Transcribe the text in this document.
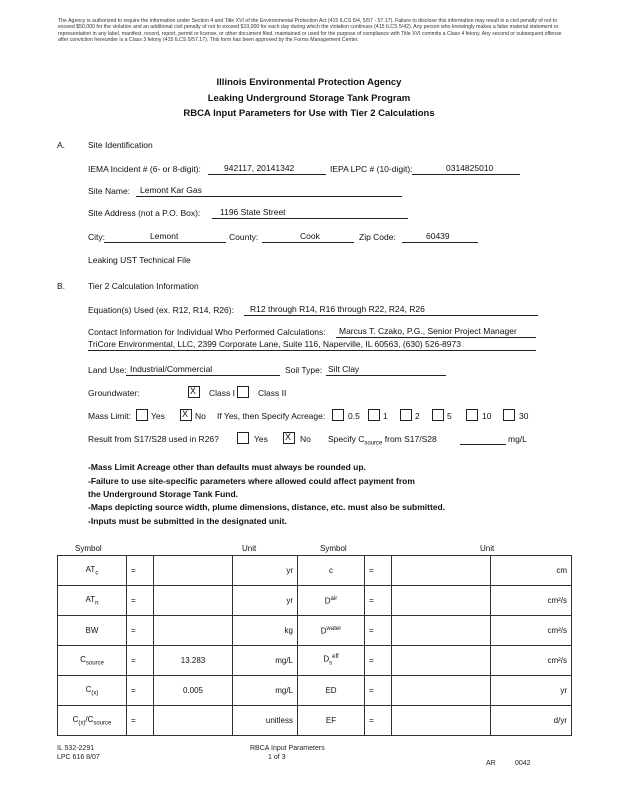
The Agency is authorized to require the information under Section 4 and Title XVI of the Environmental Protection Act (415 ILCS 5/4, 5/57 - 57.17). Failure to disclose this information may result in a civil penalty of not to exceed $50,000 for the violation and an additional civil penalty of not to exceed $10,000 for each day during which the violation continues (415 ILCS 5/42). Any person who knowingly makes a false material statement or representation in any label, manifest, record, report, permit or license, or other document filed, maintained or used for the purpose of compliance with Title XVI commits a Class 4 felony. Any second or subsequent offense after conviction hereunder is a Class 3 felony (415 ILCS 5/57.17). This form has been approved by the Forms Management Center.
Illinois Environmental Protection Agency
Leaking Underground Storage Tank Program
RBCA Input Parameters for Use with Tier 2 Calculations
A.	Site Identification
IEMA Incident # (6- or 8-digit):	942117, 20141342	IEPA LPC # (10-digit):	0314825010
Site Name: Lemont Kar Gas
Site Address (not a P.O. Box): 1196 State Street
City:	Lemont	County:	Cook	Zip Code:	60439
Leaking UST Technical File
B.	Tier 2 Calculation Information
Equation(s) Used (ex. R12, R14, R26): R12 through R14, R16 through R22, R24, R26
Contact Information for Individual Who Performed Calculations: Marcus T. Czako, P.G., Senior Project Manager
TriCore Environmental, LLC, 2399 Corporate Lane, Suite 116, Naperville, IL 60563, (630) 526-8973
Land Use: Industrial/Commercial	Soil Type: Silt Clay
Groundwater:	X Class I	Class II
Mass Limit: Yes X No If Yes, then Specify Acreage:	0.5	1	2	5	10	30
Result from S17/S28 used in R26?	Yes X No Specify $C_{source}$ from S17/S28	mg/L
-Mass Limit Acreage other than defaults must always be rounded up.
-Failure to use site-specific parameters where allowed could affect payment from
the Underground Storage Tank Fund.
-Maps depicting source width, plume dimensions, distance, etc. must also be submitted.
-Inputs must be submitted in the designated unit.
Symbol	Unit	Symbol	Unit
$AT_c$	=		yr	c	=		cm
$AT_n$	=		yr	$D^{air}$	=		cm²/s
BW	=		kg	$D^{water}$	=		cm²/s
$C_{source}$	=	13.283	mg/L	$D_s^{eff}$	=		cm²/s
$C_{(x)}$	=	0.005	mg/L	ED	=		yr
$C_{(x)}/C_{source}$	=		unitless	EF	=		d/yr
IL 532-2291
LPC 616 8/07
RBCA Input Parameters
1 of 3
AR	0042
